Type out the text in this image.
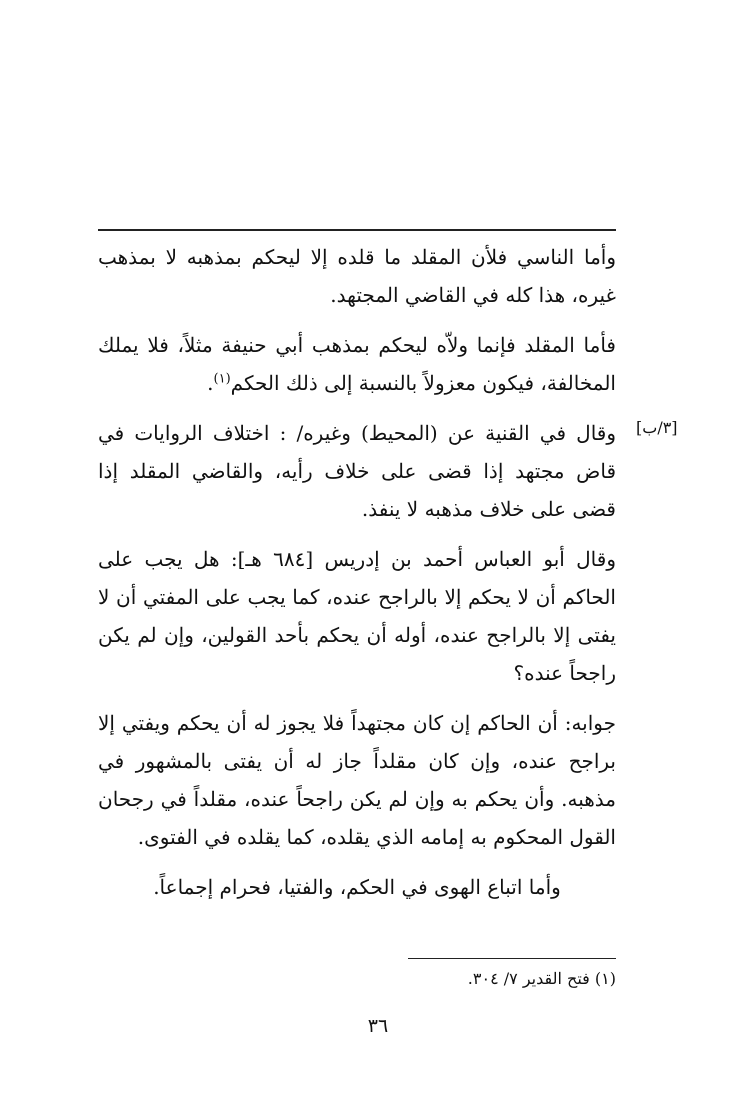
[٣/ب]

وأما الناسي فلأن المقلد ما قلده إلا ليحكم بمذهبه لا بمذهب غيره، هذا كله في القاضي المجتهد.

فأما المقلد فإنما ولاّه ليحكم بمذهب أبي حنيفة مثلاً، فلا يملك المخالفة، فيكون معزولاً بالنسبة إلى ذلك الحكم$^{(١)}$.

وقال في القنية عن (المحيط) وغيره/ : اختلاف الروايات في قاض مجتهد إذا قضى على خلاف رأيه، والقاضي المقلد إذا قضى على خلاف مذهبه لا ينفذ.

وقال أبو العباس أحمد بن إدريس [٦٨٤ هـ]: هل يجب على الحاكم أن لا يحكم إلا بالراجح عنده، كما يجب على المفتي أن لا يفتى إلا بالراجح عنده، أوله أن يحكم بأحد القولين، وإن لم يكن راجحاً عنده؟

جوابه: أن الحاكم إن كان مجتهداً فلا يجوز له أن يحكم ويفتي إلا براجح عنده، وإن كان مقلداً جاز له أن يفتى بالمشهور في مذهبه. وأن يحكم به وإن لم يكن راجحاً عنده، مقلداً في رجحان القول المحكوم به إمامه الذي يقلده، كما يقلده في الفتوى.

وأما اتباع الهوى في الحكم، والفتيا، فحرام إجماعاً.

(١) فتح القدير ٧/ ٣٠٤.
٣٦
